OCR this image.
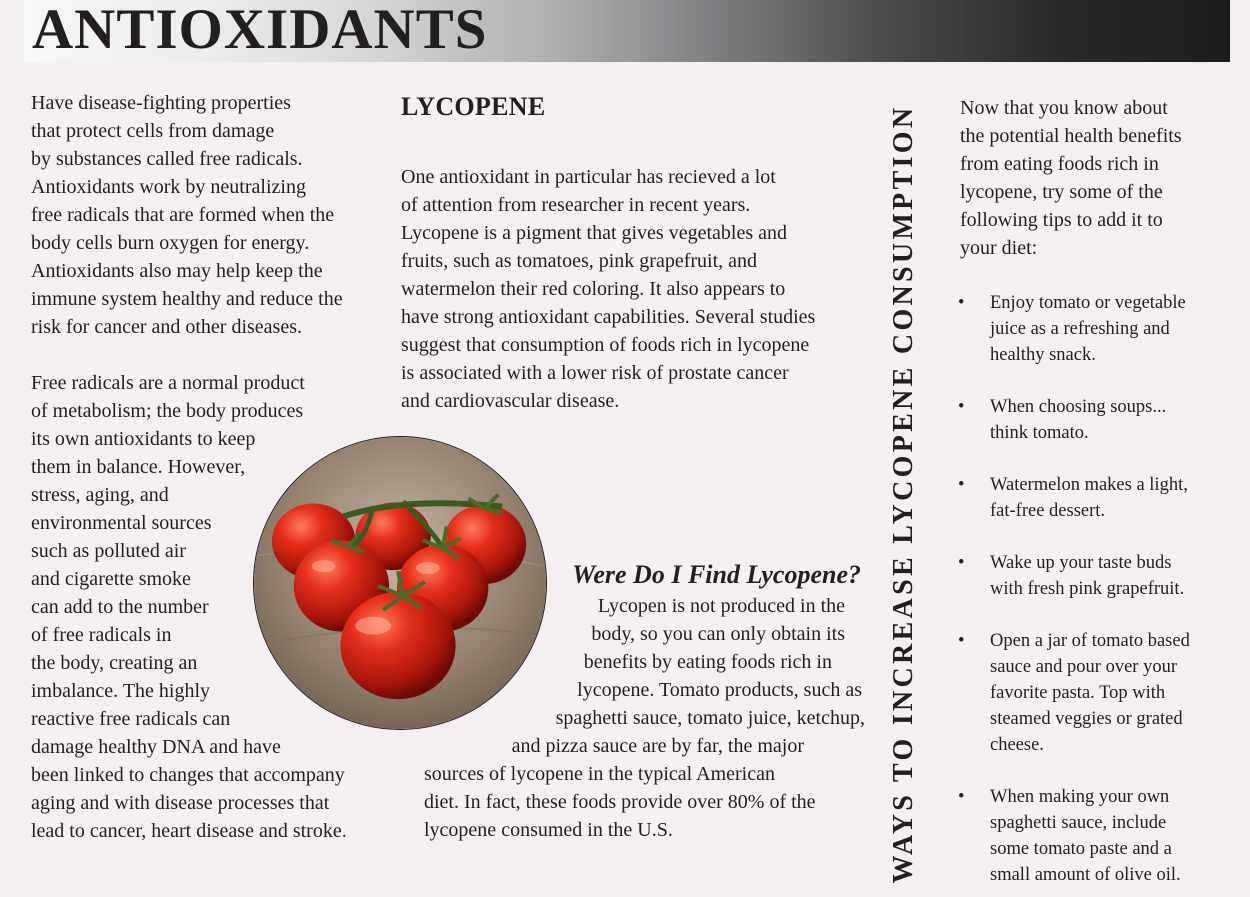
ANTIOXIDANTS
Have disease-fighting properties
that protect cells from damage
by substances called free radicals.
Antioxidants work by neutralizing
free radicals that are formed when the
body cells burn oxygen for energy.
Antioxidants also may help keep the
immune system healthy and reduce the
risk for cancer and other diseases.
Free radicals are a normal product
of metabolism; the body produces
its own antioxidants to keep
them in balance. However,
stress, aging, and
environmental sources
such as polluted air
and cigarette smoke
can add to the number
of free radicals in
the body, creating an
imbalance. The highly
reactive free radicals can
damage healthy DNA and have
been linked to changes that accompany
aging and with disease processes that
lead to cancer, heart disease and stroke.
LYCOPENE
One antioxidant in particular has recieved a lot
of attention from researcher in recent years.
Lycopene is a pigment that gives vegetables and
fruits, such as tomatoes, pink grapefruit, and
watermelon their red coloring. It also appears to
have strong antioxidant capabilities. Several studies
suggest that consumption of foods rich in lycopene
is associated with a lower risk of prostate cancer
and cardiovascular disease.
Were Do I Find Lycopene?
Lycopen is not produced in the
body, so you can only obtain its
benefits by eating foods rich in
lycopene. Tomato products, such as
spaghetti sauce, tomato juice, ketchup,
and pizza sauce are by far, the major
sources of lycopene in the typical American
diet. In fact, these foods provide over 80% of the
lycopene consumed in the U.S.	WAYS TO INCREASE LYCOPENE CONSUMPTION Now that you know about
the potential health benefits
from eating foods rich in
lycopene, try some of the
following tips to add it to
your diet:
• Enjoy tomato or vegetable
juice as a refreshing and
healthy snack.
• When choosing soups...
think tomato.
• Watermelon makes a light,
fat-free dessert.
• Wake up your taste buds
with fresh pink grapefruit.
• Open a jar of tomato based
sauce and pour over your
favorite pasta. Top with
steamed veggies or grated
cheese.
• When making your own
spaghetti sauce, include
some tomato paste and a
small amount of olive oil.
